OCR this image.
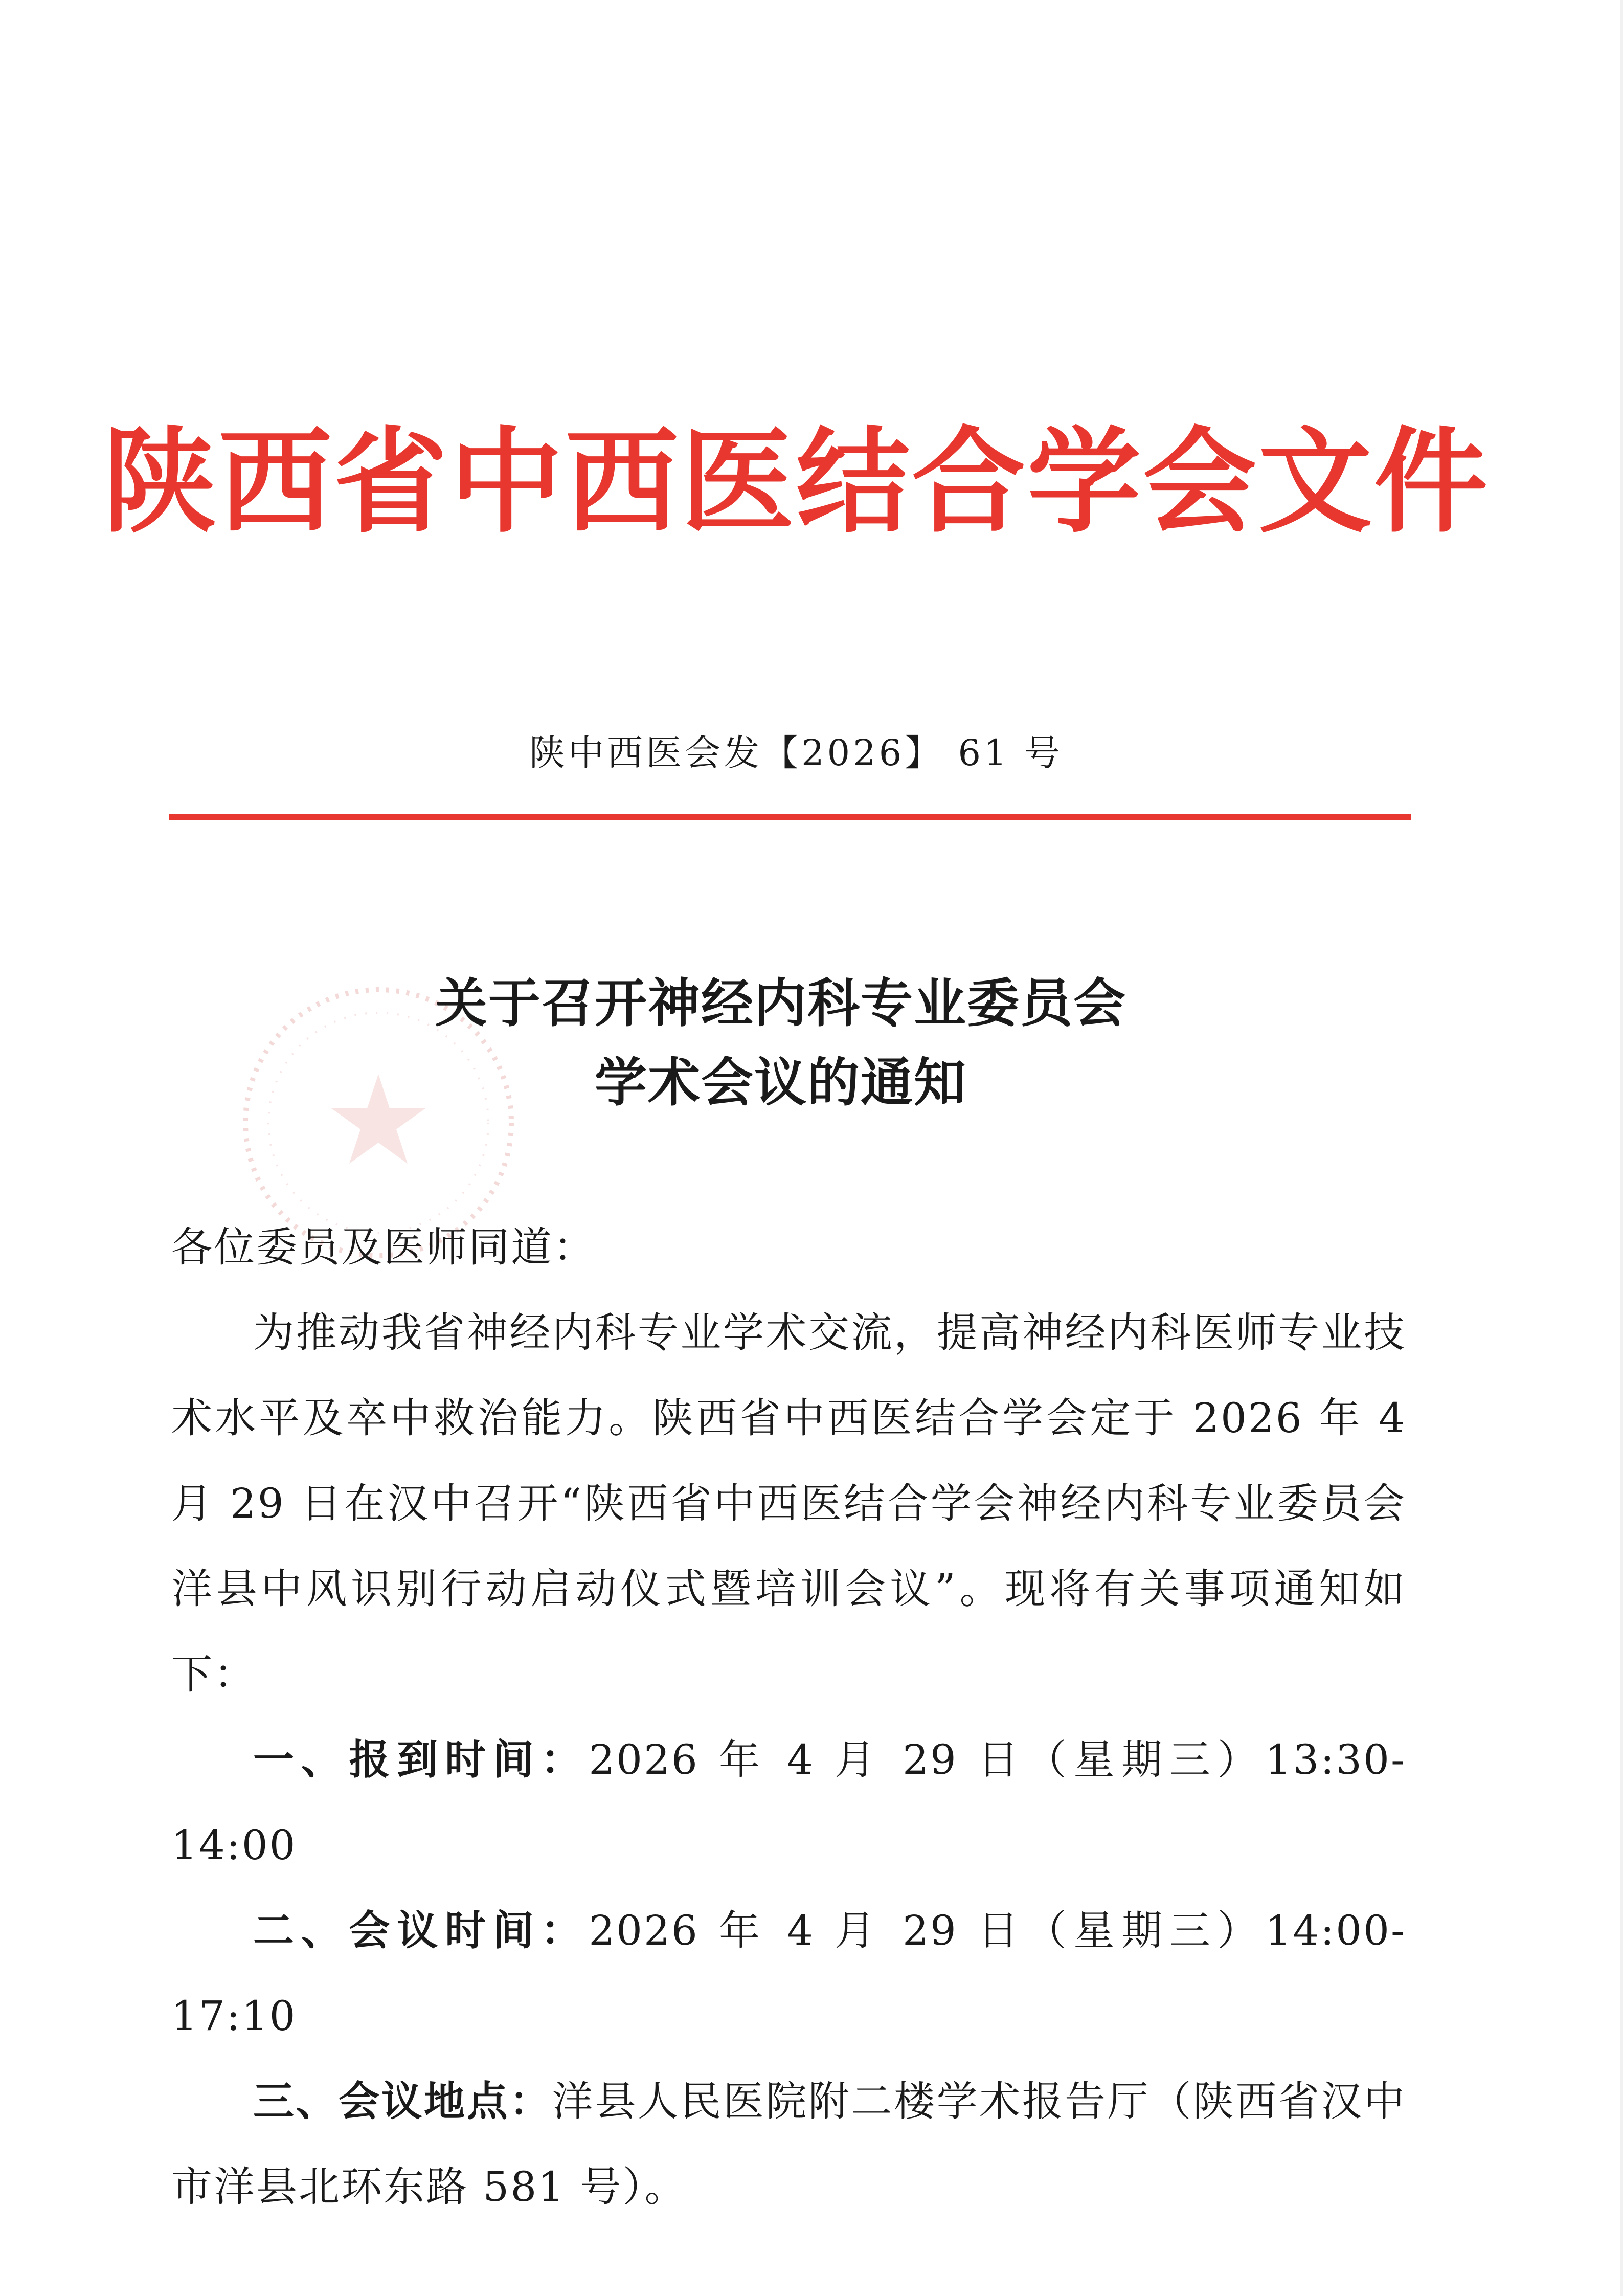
陕西省中西医结合学会文件
陕中西医会发【2026】 61 号
关于召开神经内科专业委员会
学术会议的通知

各位委员及医师同道：

为推动我省神经内科专业学术交流，提高神经内科医师专业技术水平及卒中救治能力。陕西省中西医结合学会定于 2026 年 4 月 29 日在汉中召开“陕西省中西医结合学会神经内科专业委员会洋县中风识别行动启动仪式暨培训会议”。现将有关事项通知如下：

一、报到时间：2026 年 4 月 29 日（星期三）13:30-14:00

二、会议时间：2026 年 4 月 29 日（星期三）14:00-17:10

三、会议地点：洋县人民医院附二楼学术报告厅（陕西省汉中市洋县北环东路 581 号）。
